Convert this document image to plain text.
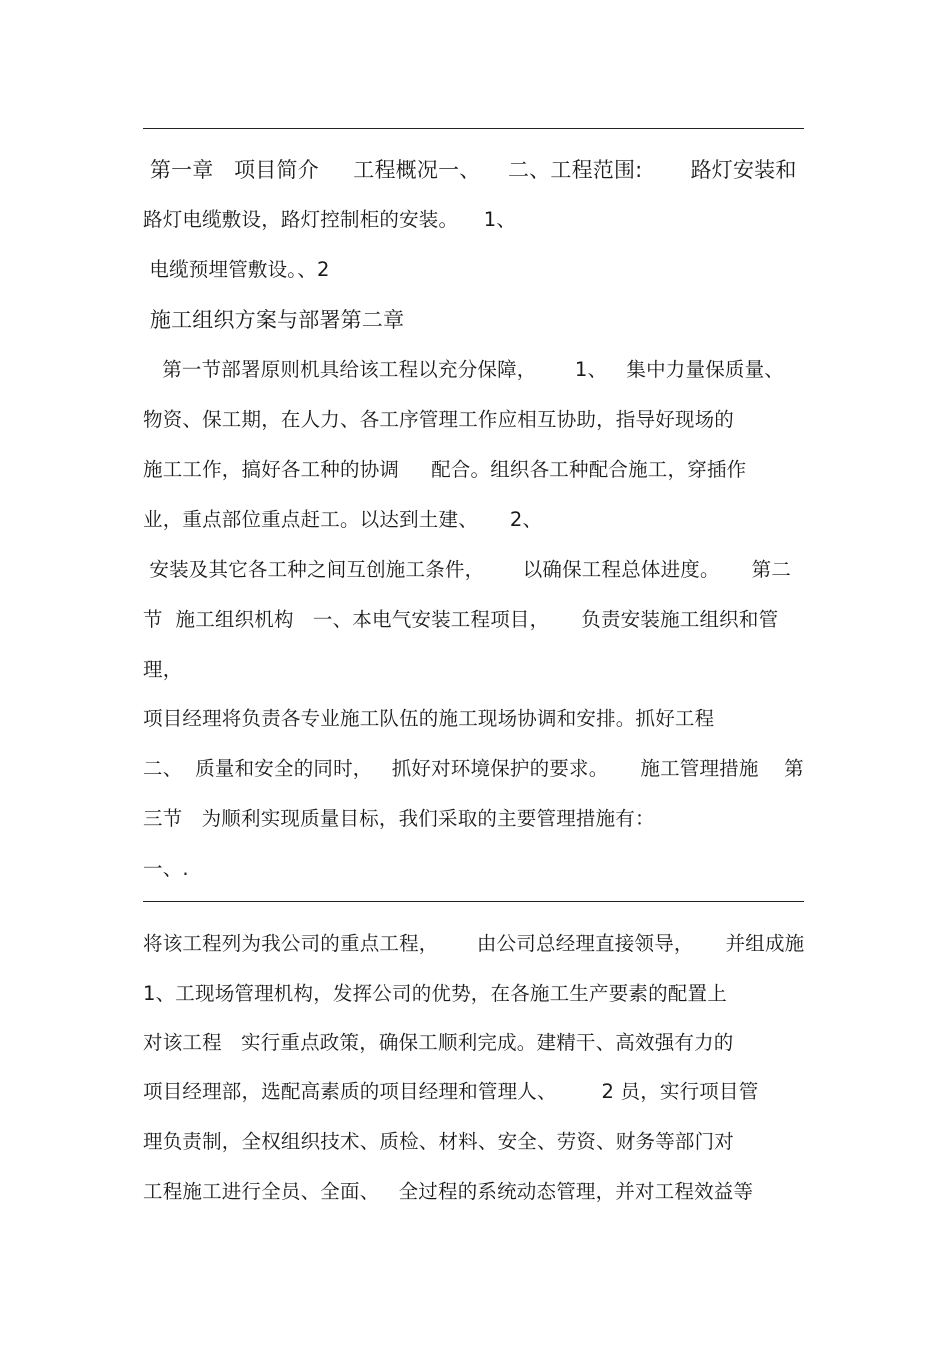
第一章   项目简介     工程概况一、    二、工程范围:       路灯安装和
路灯电缆敷设，路灯控制柜的安装。    1、
电缆预埋管敷设。、2
施工组织方案与部署第二章
第一节部署原则机具给该工程以充分保障，      1、   集中力量保质量、
物资、保工期，在人力、各工序管理工作应相互协助，指导好现场的
施工工作，搞好各工种的协调     配合。组织各工种配合施工，穿插作
业，重点部位重点赶工。以达到土建、     2、
安装及其它各工种之间互创施工条件，      以确保工程总体进度。     第二
节  施工组织机构   一、本电气安装工程项目，     负责安装施工组织和管
理，
项目经理将负责各专业施工队伍的施工现场协调和安排。抓好工程
二、  质量和安全的同时，   抓好对环境保护的要求。     施工管理措施    第
三节   为顺利实现质量目标，我们采取的主要管理措施有：
一、.
将该工程列为我公司的重点工程，      由公司总经理直接领导，     并组成施
1、工现场管理机构，发挥公司的优势，在各施工生产要素的配置上
对该工程   实行重点政策，确保工顺利完成。建精干、高效强有力的
项目经理部，选配高素质的项目经理和管理人、       2 员，实行项目管
理负责制，全权组织技术、质检、材料、安全、劳资、财务等部门对
工程施工进行全员、全面、   全过程的系统动态管理，并对工程效益等
